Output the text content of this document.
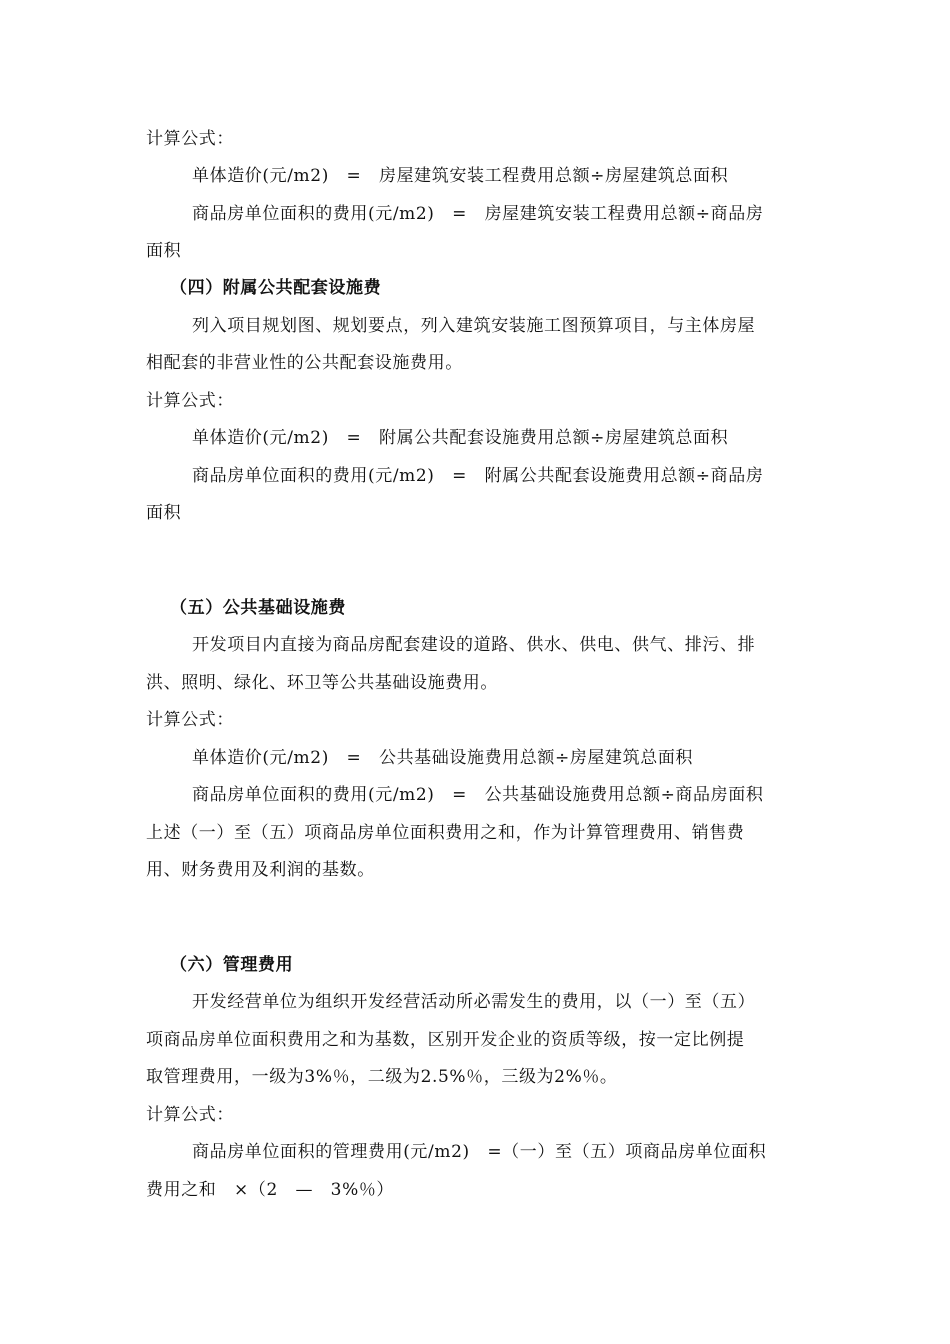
计算公式：
单体造价(元/m2)　=　房屋建筑安装工程费用总额÷房屋建筑总面积
商品房单位面积的费用(元/m2)　=　房屋建筑安装工程费用总额÷商品房
面积
（四）附属公共配套设施费
列入项目规划图、规划要点，列入建筑安装施工图预算项目，与主体房屋
相配套的非营业性的公共配套设施费用。
计算公式：
单体造价(元/m2)　=　附属公共配套设施费用总额÷房屋建筑总面积
商品房单位面积的费用(元/m2)　=　附属公共配套设施费用总额÷商品房
面积
（五）公共基础设施费
开发项目内直接为商品房配套建设的道路、供水、供电、供气、排污、排
洪、照明、绿化、环卫等公共基础设施费用。
计算公式：
单体造价(元/m2)　=　公共基础设施费用总额÷房屋建筑总面积
商品房单位面积的费用(元/m2)　=　公共基础设施费用总额÷商品房面积
上述（一）至（五）项商品房单位面积费用之和，作为计算管理费用、销售费
用、财务费用及利润的基数。
（六）管理费用
开发经营单位为组织开发经营活动所必需发生的费用，以（一）至（五）
项商品房单位面积费用之和为基数，区别开发企业的资质等级，按一定比例提
取管理费用，一级为3%％，二级为2.5%％，三级为2%％。
计算公式：
商品房单位面积的管理费用(元/m2)　=（一）至（五）项商品房单位面积
费用之和　×（2　—　3%％）
